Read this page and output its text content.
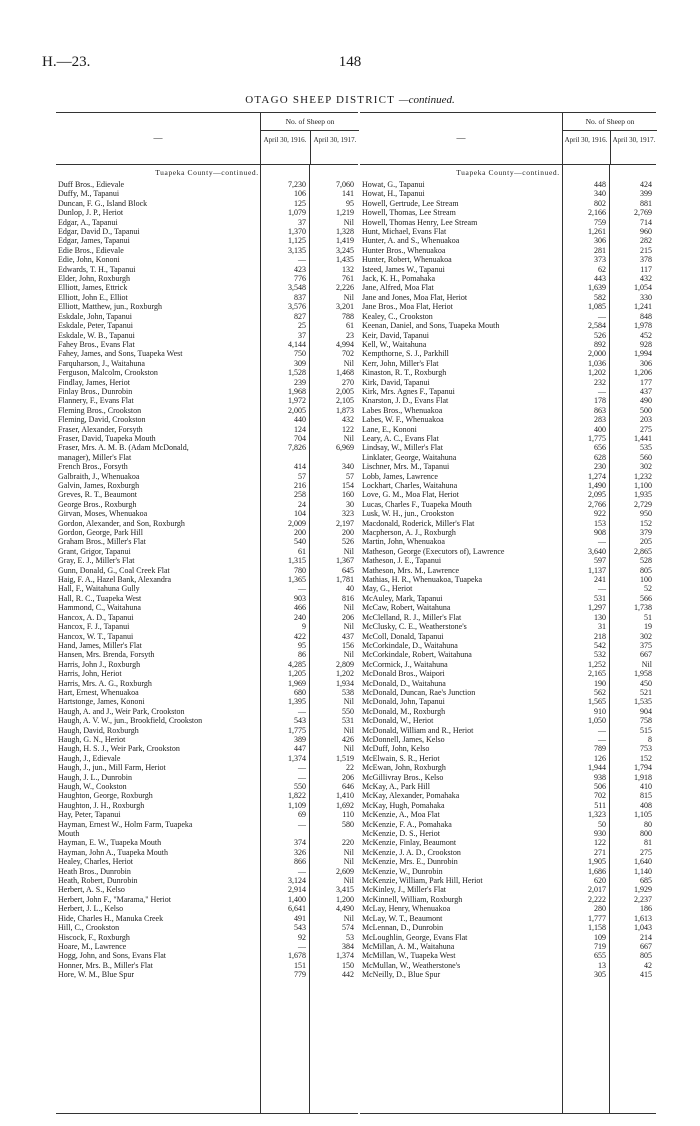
H.—23.	148
OTAGO SHEEP DISTRICT —continued.
—
No. of Sheep on
April 30, 1916.	April 30, 1917.
Tuapeka County—continued.
Duff Bros., Edievale	7,230	7,060
Duffy, M., Tapanui	106	141
Duncan, F. G., Island Block	125	95
Dunlop, J. P., Heriot	1,079	1,219
Edgar, A., Tapanui	37	Nil
Edgar, David D., Tapanui	1,370	1,328
Edgar, James, Tapanui	1,125	1,419
Edie Bros., Edievale	3,135	3,245
Edie, John, Kononi	—	1,435
Edwards, T. H., Tapanui	423	132
Elder, John, Roxburgh	776	761
Elliott, James, Ettrick	3,548	2,226
Elliott, John E., Elliot	837	Nil
Elliott, Matthew, jun., Roxburgh	3,576	3,201
Eskdale, John, Tapanui	827	788
Eskdale, Peter, Tapanui	25	61
Eskdale, W. B., Tapanui	37	23
Fahey Bros., Evans Flat	4,144	4,994
Fahey, James, and Sons, Tuapeka West	750	702
Farquharson, J., Waitahuna	309	Nil
Ferguson, Malcolm, Crookston	1,528	1,468
Findlay, James, Heriot	239	270
Finlay Bros., Dunrobin	1,968	2,005
Flannery, F., Evans Flat	1,972	2,105
Fleming Bros., Crookston	2,005	1,873
Fleming, David, Crookston	440	432
Fraser, Alexander, Forsyth	124	122
Fraser, David, Tuapeka Mouth	704	Nil
Fraser, Mrs. A. M. B. (Adam McDonald,	7,826	6,969
manager), Miller's Flat
French Bros., Forsyth	414	340
Galbraith, J., Whenuakoa	57	57
Galvin, James, Roxburgh	216	154
Greves, R. T., Beaumont	258	160
George Bros., Roxburgh	24	30
Girvan, Moses, Whenuakoa	104	323
Gordon, Alexander, and Son, Roxburgh	2,009	2,197
Gordon, George, Park Hill	200	200
Graham Bros., Miller's Flat	540	526
Grant, Grigor, Tapanui	61	Nil
Gray, E. J., Miller's Flat	1,315	1,367
Gunn, Donald, G., Coal Creek Flat	780	645
Haig, F. A., Hazel Bank, Alexandra	1,365	1,781
Hall, F., Waitahuna Gully	—	40
Hall, R. C., Tuapeka West	903	816
Hammond, C., Waitahuna	466	Nil
Hancox, A. D., Tapanui	240	206
Hancox, F. J., Tapanui	9	Nil
Hancox, W. T., Tapanui	422	437
Hand, James, Miller's Flat	95	156
Hansen, Mrs. Brenda, Forsyth	86	Nil
Harris, John J., Roxburgh	4,285	2,809
Harris, John, Heriot	1,205	1,202
Harris, Mrs. A. G., Roxburgh	1,969	1,934
Hart, Ernest, Whenuakoa	680	538
Hartstonge, James, Kononi	1,395	Nil
Haugh, A. and J., Weir Park, Crookston	—	550
Haugh, A. V. W., jun., Brookfield, Crookston	543	531
Haugh, David, Roxburgh	1,775	Nil
Haugh, G. N., Heriot	389	426
Haugh, H. S. J., Weir Park, Crookston	447	Nil
Haugh, J., Edievale	1,374	1,519
Haugh, J., jun., Mill Farm, Heriot	—	22
Haugh, J. L., Dunrobin	—	206
Haugh, W., Cookston	550	646
Haughton, George, Roxburgh	1,822	1,410
Haughton, J. H., Roxburgh	1,109	1,692
Hay, Peter, Tapanui	69	110
Hayman, Ernest W., Holm Farm, Tuapeka	—	580
Mouth
Hayman, E. W., Tuapeka Mouth	374	220
Hayman, John A., Tuapeka Mouth	326	Nil
Healey, Charles, Heriot	866	Nil
Heath Bros., Dunrobin	—	2,609
Heath, Robert, Dunrobin	3,124	Nil
Herbert, A. S., Kelso	2,914	3,415
Herbert, John F., "Marama," Heriot	1,400	1,200
Herbert, J. L., Kelso	6,641	4,490
Hide, Charles H., Manuka Creek	491	Nil
Hill, C., Crookston	543	574
Hiscock, F., Roxburgh	92	53
Hoare, M., Lawrence	—	384
Hogg, John, and Sons, Evans Flat	1,678	1,374
Honner, Mrs. B., Miller's Flat	151	150
Hore, W. M., Blue Spur	779	442
—
No. of Sheep on
April 30, 1916. April 30, 1917.
Tuapeka County—continued.
Howat, G., Tapanui	448	424
Howat, H., Tapanui	340	399
Howell, Gertrude, Lee Stream	802	881
Howell, Thomas, Lee Stream	2,166	2,769
Howell, Thomas Henry, Lee Stream	759	714
Hunt, Michael, Evans Flat	1,261	960
Hunter, A. and S., Whenuakoa	306	282
Hunter Bros., Whenuakoa	281	215
Hunter, Robert, Whenuakoa	373	378
Isteed, James W., Tapanui	62	117
Jack, K. H., Pomahaka	443	432
Jane, Alfred, Moa Flat	1,639	1,054
Jane and Jones, Moa Flat, Heriot	582	330
Jane Bros., Moa Flat, Heriot	1,085	1,241
Kealey, C., Crookston	—	848
Keenan, Daniel, and Sons, Tuapeka Mouth	2,584	1,978
Keir, David, Tapanui	526	452
Kell, W., Waitahuna	892	928
Kempthorne, S. J., Parkhill	2,000	1,994
Kerr, John, Miller's Flat	1,036	306
Kinaston, R. T., Roxburgh	1,202	1,206
Kirk, David, Tapanui	232	177
Kirk, Mrs. Agnes F., Tapanui	—	437
Knarston, J. D., Evans Flat	178	490
Labes Bros., Whenuakoa	863	500
Labes, W. F., Whenuakoa	283	203
Lane, E., Kononi	400	275
Leary, A. C., Evans Flat	1,775	1,441
Lindsay, W., Miller's Flat	656	535
Linklater, George, Waitahuna	628	560
Lischner, Mrs. M., Tapanui	230	302
Lobb, James, Lawrence	1,274	1,232
Lockhart, Charles, Waitahuna	1,490	1,100
Love, G. M., Moa Flat, Heriot	2,095	1,935
Lucas, Charles F., Tuapeka Mouth	2,766	2,729
Lusk, W. H., jun., Crookston	922	950
Macdonald, Roderick, Miller's Flat	153	152
Macpherson, A. J., Roxburgh	908	379
Martin, John, Whenuakoa	—	205
Matheson, George (Executors of), Lawrence	3,640	2,865
Matheson, J. E., Tapanui	597	528
Matheson, Mrs. M., Lawrence	1,137	805
Mathias, H. R., Whenuakoa, Tuapeka	241	100
May, G., Heriot	—	52
McAuley, Mark, Tapanui	531	566
McCaw, Robert, Waitahuna	1,297	1,738
McClelland, R. J., Miller's Flat	130	51
McClusky, C. E., Weatherstone's	31	19
McColl, Donald, Tapanui	218	302
McCorkindale, D., Waitahuna	542	375
McCorkindale, Robert, Waitahuna	532	667
McCormick, J., Waitahuna	1,252	Nil
McDonald Bros., Waipori	2,165	1,958
McDonald, D., Waitahuna	190	450
McDonald, Duncan, Rae's Junction	562	521
McDonald, John, Tapanui	1,565	1,535
McDonald, M., Roxburgh	910	904
McDonald, W., Heriot	1,050	758
McDonald, William and R., Heriot	—	515
McDonnell, James, Kelso	—	8
McDuff, John, Kelso	789	753
McElwain, S. R., Heriot	126	152
McEwan, John, Roxburgh	1,944	1,794
McGillivray Bros., Kelso	938	1,918
McKay, A., Park Hill	506	410
McKay, Alexander, Pomahaka	702	815
McKay, Hugh, Pomahaka	511	408
McKenzie, A., Moa Flat	1,323	1,105
McKenzie, F. A., Pomahaka	50	80
McKenzie, D. S., Heriot	930	800
McKenzie, Finlay, Beaumont	122	81
McKenzie, J. A. D., Crookston	271	275
McKenzie, Mrs. E., Dunrobin	1,905	1,640
McKenzie, W., Dunrobin	1,686	1,140
McKenzie, William, Park Hill, Heriot	620	685
McKinley, J., Miller's Flat	2,017	1,929
McKinnell, William, Roxburgh	2,222	2,237
McLay, Henry, Whenuakoa	280	186
McLay, W. T., Beaumont	1,777	1,613
McLennan, D., Dunrobin	1,158	1,043
McLoughlin, George, Evans Flat	109	214
McMillan, A. M., Waitahuna	719	667
McMillan, W., Tuapeka West	655	805
McMullan, W., Weatherstone's	13	42
McNeilly, D., Blue Spur	305	415
